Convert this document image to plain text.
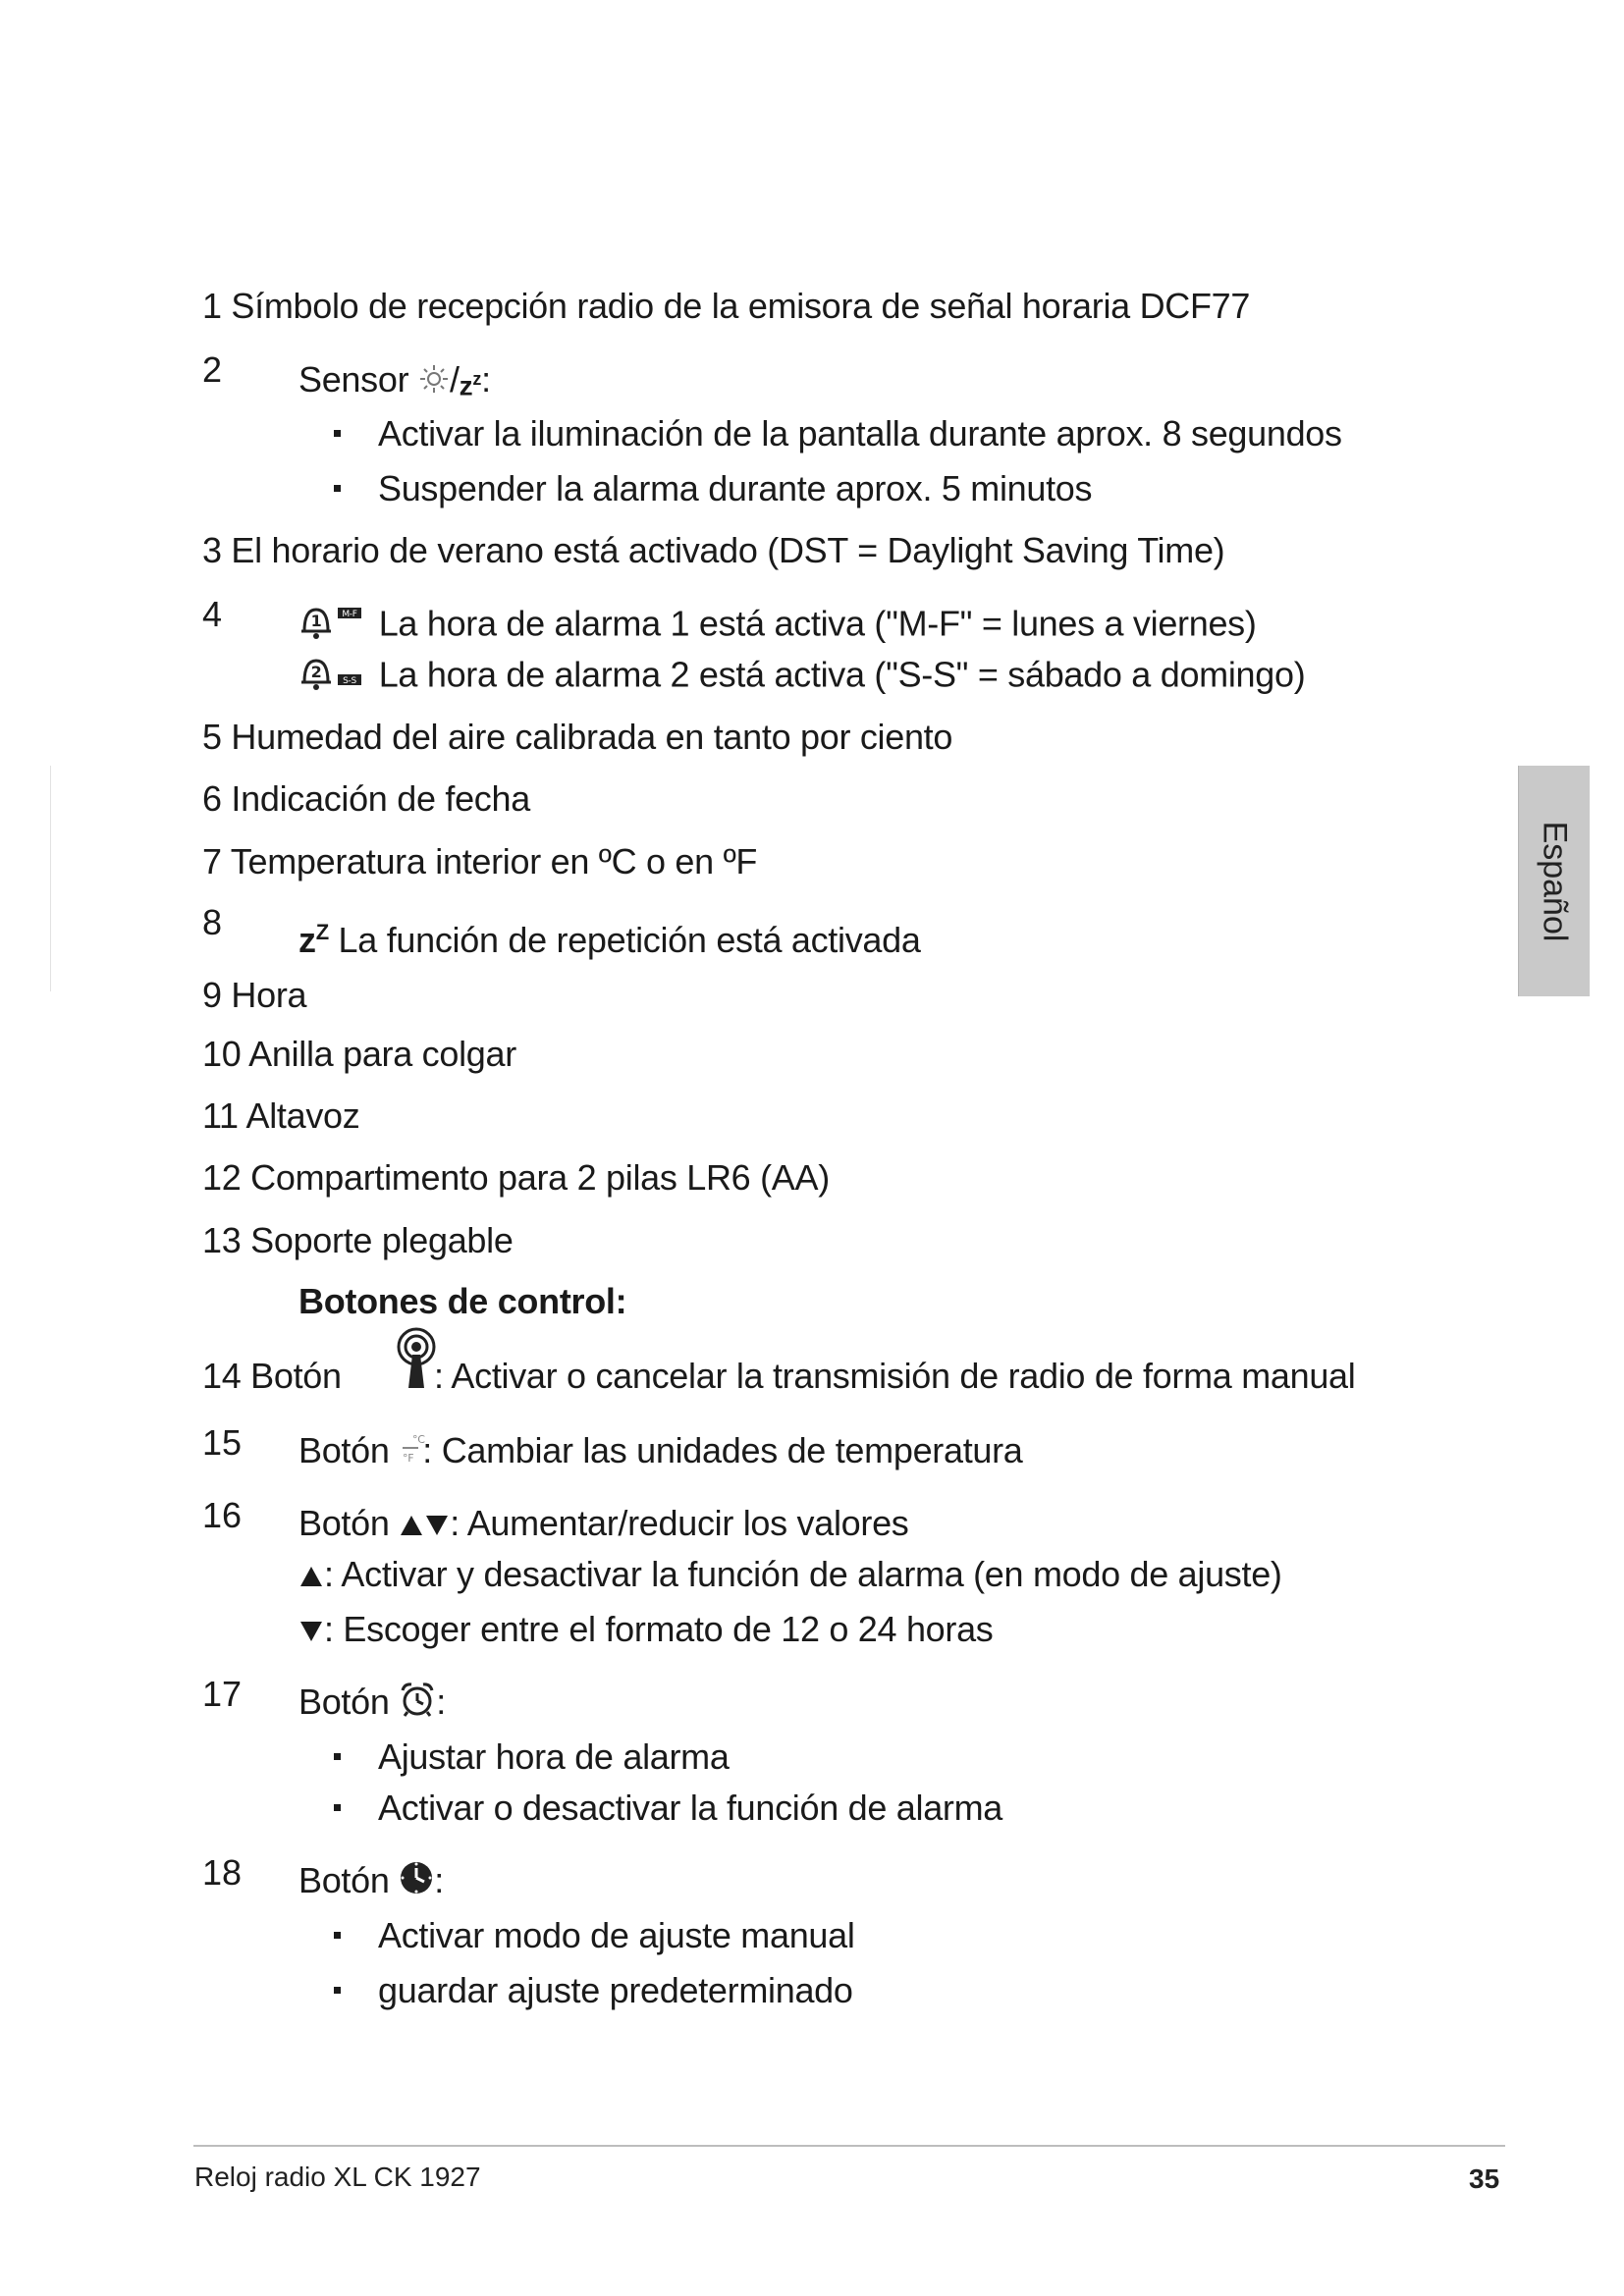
1 Símbolo de recepción radio de la emisora de señal horaria DCF77
2 Sensor $/z^z$:
Activar la iluminación de la pantalla durante aprox. 8 segundos
Suspender la alarma durante aprox. 5 minutos
3 El horario de verano está activado (DST = Daylight Saving Time)
4	1 M-F La hora de alarma 1 está activa ("M-F" = lunes a viernes)
2 S-S La hora de alarma 2 está activa ("S-S" = sábado a domingo)
5 Humedad del aire calibrada en tanto por ciento
6 Indicación de fecha
7 Temperatura interior en ºC o en ºF
8 $z^Z$ La función de repetición está activada
9 Hora
10 Anilla para colgar
11 Altavoz
12 Compartimento para 2 pilas LR6 (AA)
13 Soporte plegable
Botones de control:
14 Botón	: Activar o cancelar la transmisión de radio de forma manual
15 Botón °C
°F : Cambiar las unidades de temperatura
16 Botón : Aumentar/reducir los valores
: Activar y desactivar la función de alarma (en modo de ajuste)
: Escoger entre el formato de 12 o 24 horas
17 Botón :
Ajustar hora de alarma
Activar o desactivar la función de alarma
18 Botón :
Activar modo de ajuste manual
guardar ajuste predeterminado
Español
Reloj radio XL CK 1927	35
